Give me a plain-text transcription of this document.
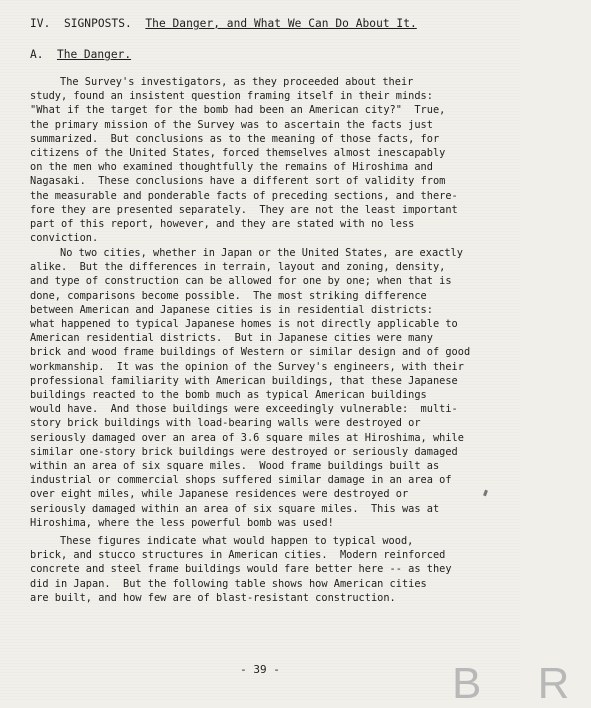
IV. SIGNPOSTS. The Danger, and What We Can Do About It.
A. The Danger.
The Survey's investigators, as they proceeded about their
study, found an insistent question framing itself in their minds:
"What if the target for the bomb had been an American city?"  True,
the primary mission of the Survey was to ascertain the facts just
summarized.  But conclusions as to the meaning of those facts, for
citizens of the United States, forced themselves almost inescapably
on the men who examined thoughtfully the remains of Hiroshima and
Nagasaki.  These conclusions have a different sort of validity from
the measurable and ponderable facts of preceding sections, and there-
fore they are presented separately.  They are not the least important
part of this report, however, and they are stated with no less
conviction.
No two cities, whether in Japan or the United States, are exactly
alike.  But the differences in terrain, layout and zoning, density,
and type of construction can be allowed for one by one; when that is
done, comparisons become possible.  The most striking difference
between American and Japanese cities is in residential districts:
what happened to typical Japanese homes is not directly applicable to
American residential districts.  But in Japanese cities were many
brick and wood frame buildings of Western or similar design and of good
workmanship.  It was the opinion of the Survey's engineers, with their
professional familiarity with American buildings, that these Japanese
buildings reacted to the bomb much as typical American buildings
would have.  And those buildings were exceedingly vulnerable:  multi-
story brick buildings with load-bearing walls were destroyed or
seriously damaged over an area of 3.6 square miles at Hiroshima, while
similar one-story brick buildings were destroyed or seriously damaged
within an area of six square miles.  Wood frame buildings built as
industrial or commercial shops suffered similar damage in an area of
over eight miles, while Japanese residences were destroyed or
seriously damaged within an area of six square miles.  This was at
Hiroshima, where the less powerful bomb was used!
These figures indicate what would happen to typical wood,
brick, and stucco structures in American cities.  Modern reinforced
concrete and steel frame buildings would fare better here -- as they
did in Japan.  But the following table shows how American cities
are built, and how few are of blast-resistant construction.
- 39 -	B R
